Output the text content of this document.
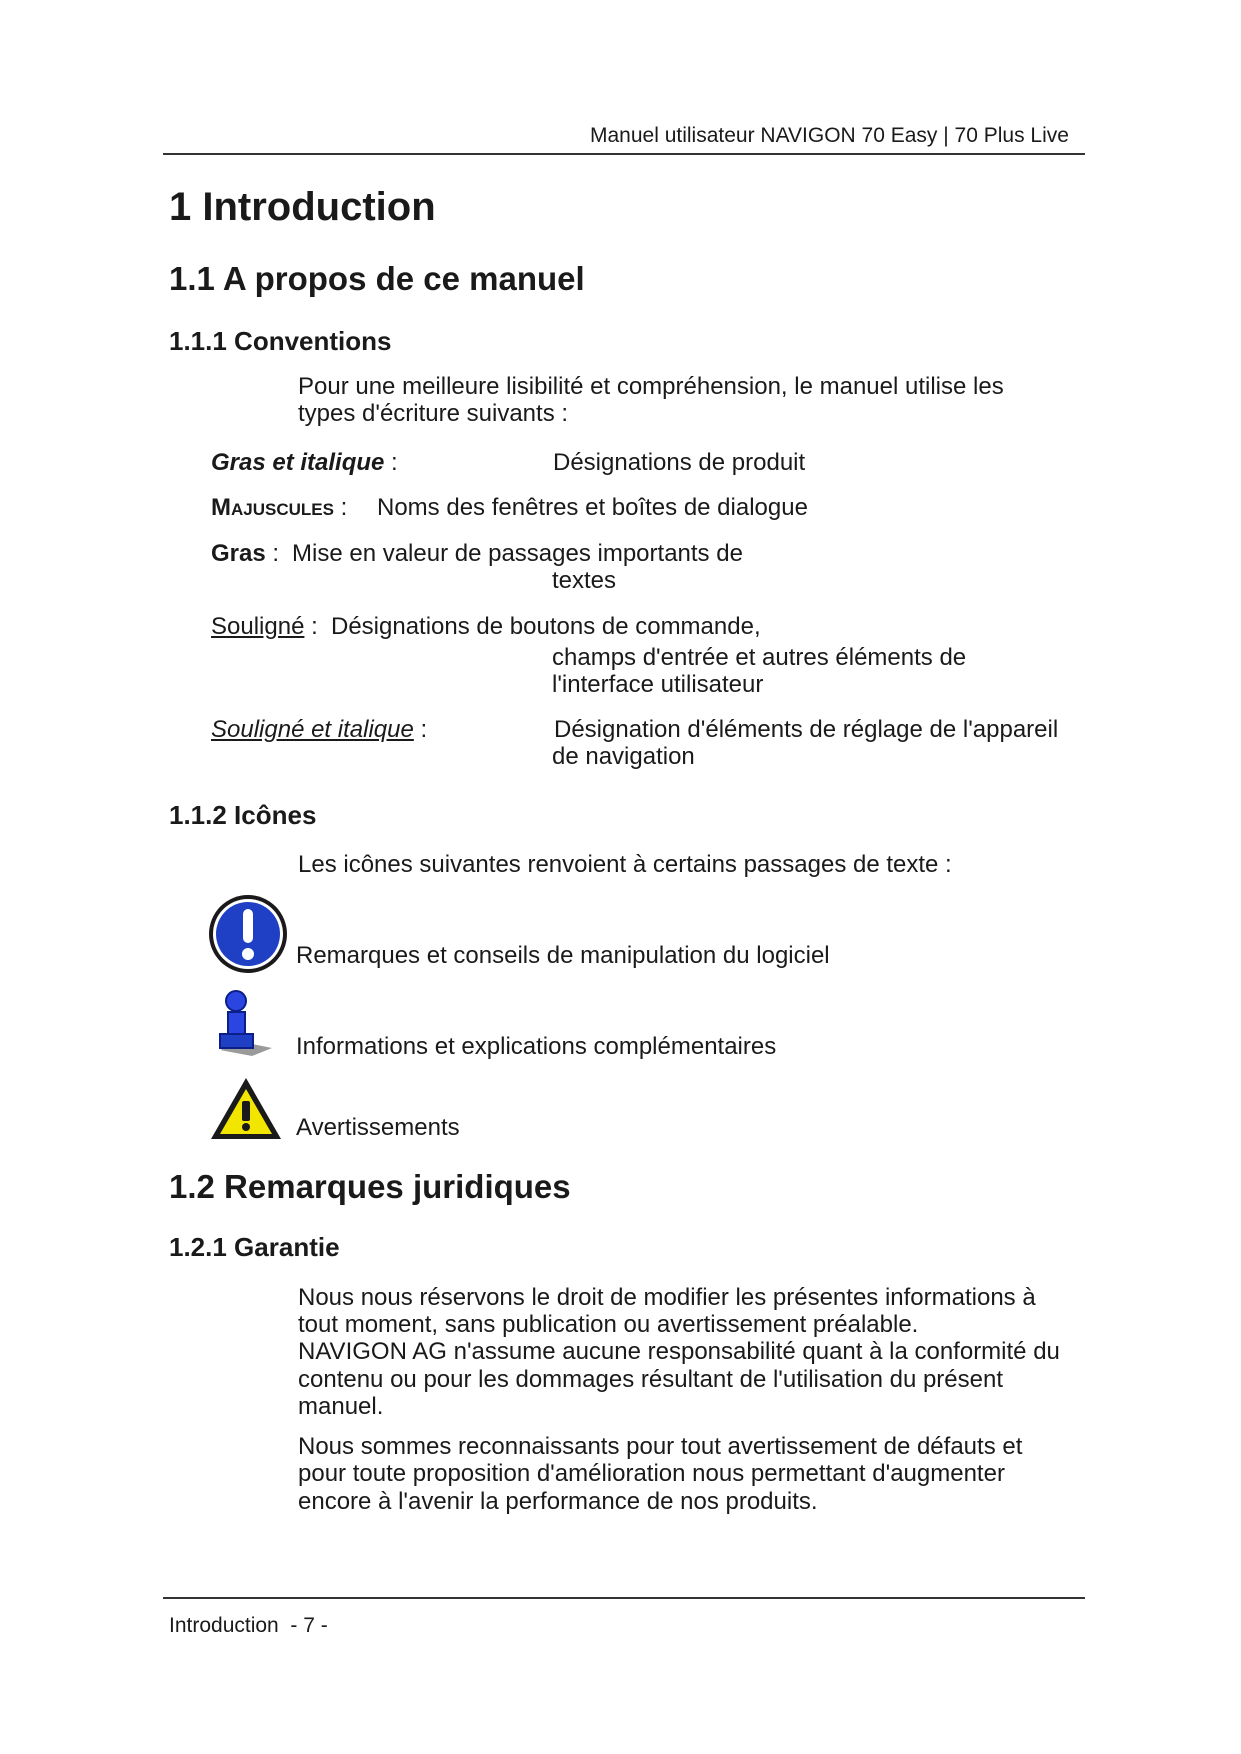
Manuel utilisateur NAVIGON 70 Easy | 70 Plus Live
1 Introduction
1.1 A propos de ce manuel
1.1.1 Conventions
Pour une meilleure lisibilité et compréhension, le manuel utilise les
types d'écriture suivants :
Gras et italique :	Désignations de produit
Majuscules : Noms des fenêtres et boîtes de dialogue
Gras : Mise en valeur de passages importants de
textes
Souligné : Désignations de boutons de commande,
champs d'entrée et autres éléments de
l'interface utilisateur
Souligné et italique :	Désignation d'éléments de réglage de l'appareil
de navigation
1.1.2 Icônes
Les icônes suivantes renvoient à certains passages de texte :
Remarques et conseils de manipulation du logiciel
Informations et explications complémentaires
Avertissements
1.2 Remarques juridiques
1.2.1 Garantie
Nous nous réservons le droit de modifier les présentes informations à
tout moment, sans publication ou avertissement préalable.
NAVIGON AG n'assume aucune responsabilité quant à la conformité du
contenu ou pour les dommages résultant de l'utilisation du présent
manuel.
Nous sommes reconnaissants pour tout avertissement de défauts et
pour toute proposition d'amélioration nous permettant d'augmenter
encore à l'avenir la performance de nos produits.
Introduction - 7 -
